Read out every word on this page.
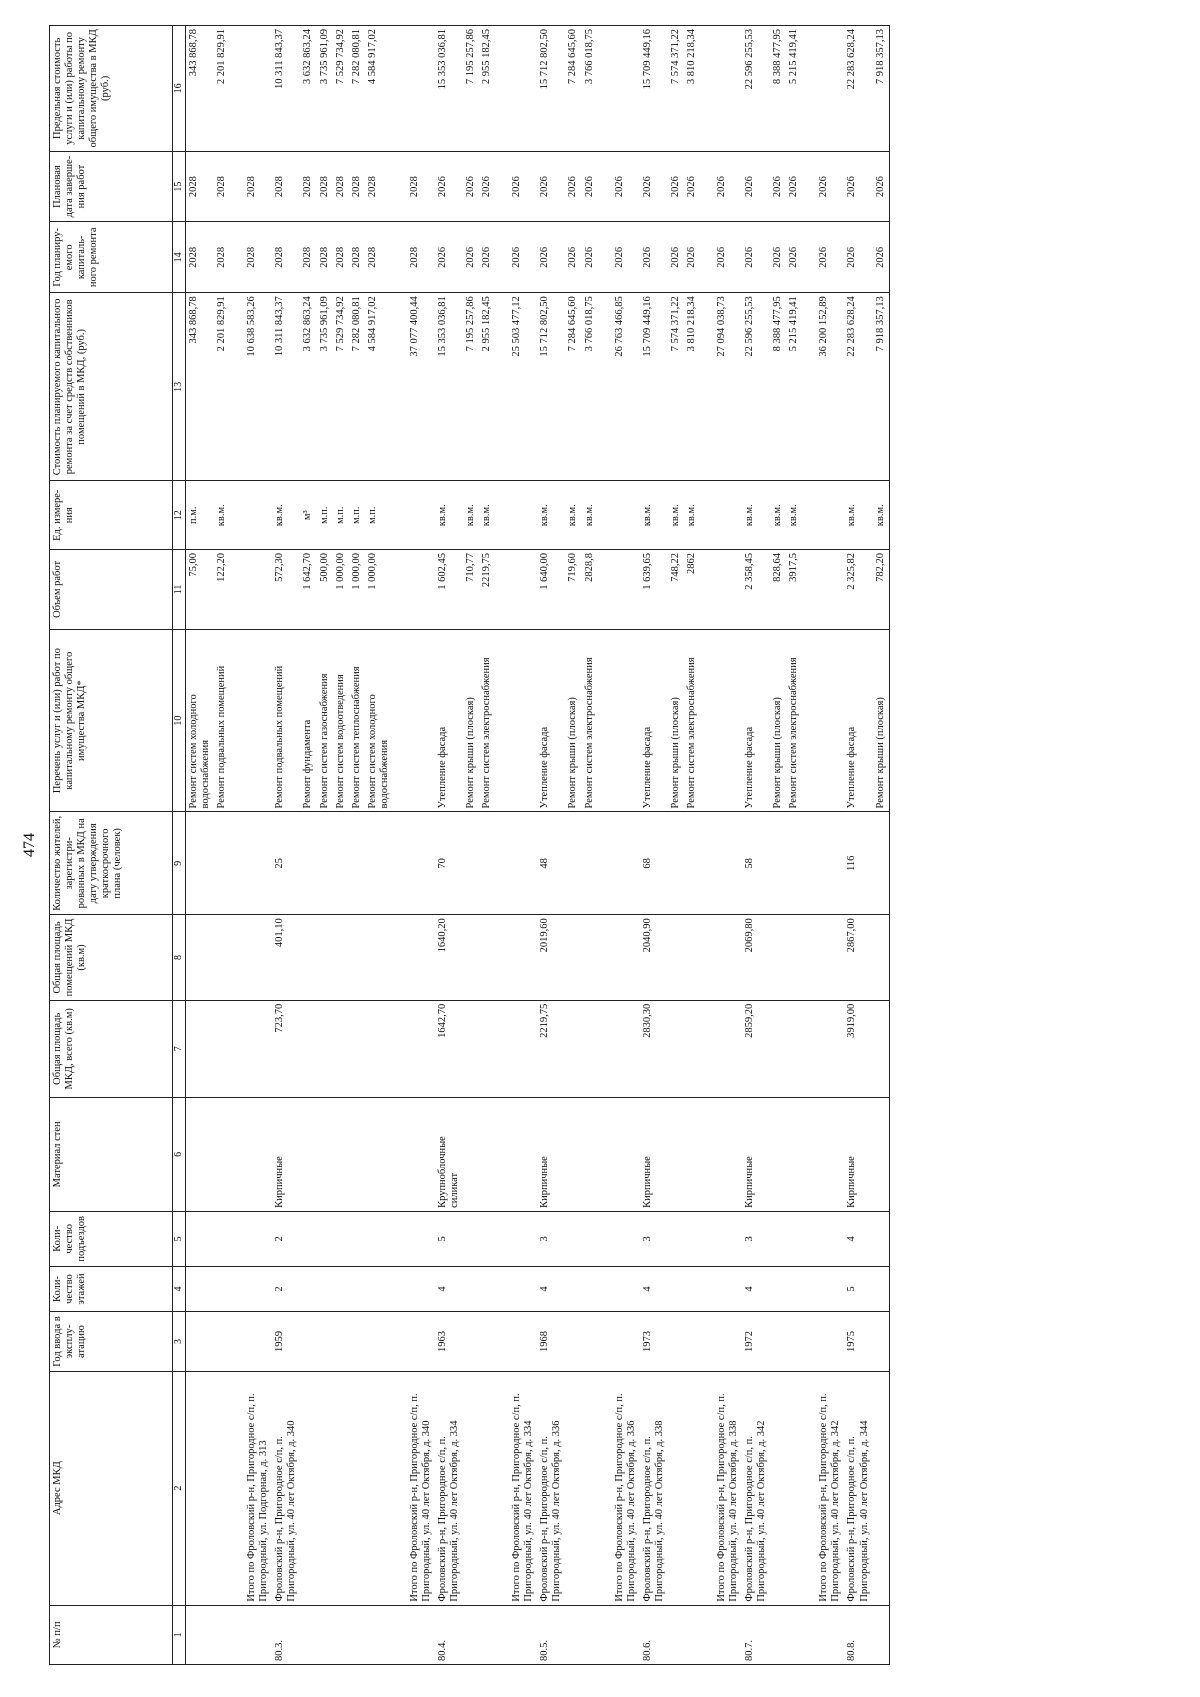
474
№ п/п	Адрес МКД	Год ввода в эксплу-атацию	Коли-чество этажей	Коли-чество подъездов	Материал стен	Общая площадь МКД, всего (кв.м)	Общая площадь помещений МКД (кв.м)	Количество жителей, зарегистри-рованных в МКД на дату утверждения краткосрочного плана (человек)	Перечень услуг и (или) работ по капитальному ремонту общего имущества МКД*	Объем работ	Ед. измере-ния	Стоимость планируемого капитального ремонта за счет средств собственников помещений в МКД, (руб.)	Год планиру-емого капиталь-ного ремонта	Плановая дата заверше-ния работ	Предельная стоимость услуги и (или) работы по капитальному ремонту общего имущества в МКД (руб.)
1	2	3	4	5	6	7	8	9	10	11	12	13	14	15	16
									Ремонт систем холодного водоснабжения	75,00	п.м.	343 868,78	2028	2028	343 868,78
									Ремонт подвальных помещений	122,20	кв.м.	2 201 829,91	2028	2028	2 201 829,91
	Итого по Фроловский р-н, Пригородное с/п, п. Пригородный, ул. Подгорная, д. 313											10 638 583,26	2028	2028	
80.3.	Фроловский р-н, Пригородное с/п, п. Пригородный, ул. 40 лет Октября, д. 340	1959	2	2	Кирпичные	723,70	401,10	25	Ремонт подвальных помещений	572,30	кв.м.	10 311 843,37	2028	2028	10 311 843,37
									Ремонт фундамента	1 642,70	м³	3 632 863,24	2028	2028	3 632 863,24
									Ремонт систем газоснабжения	500,00	м.п.	3 735 961,09	2028	2028	3 735 961,09
									Ремонт систем водоотведения	1 000,00	м.п.	7 529 734,92	2028	2028	7 529 734,92
									Ремонт систем теплоснабжения	1 000,00	м.п.	7 282 080,81	2028	2028	7 282 080,81
									Ремонт систем холодного водоснабжения	1 000,00	м.п.	4 584 917,02	2028	2028	4 584 917,02
	Итого по Фроловский р-н, Пригородное с/п, п. Пригородный, ул. 40 лет Октября, д. 340											37 077 400,44	2028	2028	
80.4.	Фроловский р-н, Пригородное с/п, п. Пригородный, ул. 40 лет Октября, д. 334	1963	4	5	Крупноблочные силикат	1642,70	1640,20	70	Утепление фасада	1 602,45	кв.м.	15 353 036,81	2026	2026	15 353 036,81
									Ремонт крыши (плоская)	710,77	кв.м.	7 195 257,86	2026	2026	7 195 257,86
									Ремонт систем электроснабжения	2219,75	кв.м.	2 955 182,45	2026	2026	2 955 182,45
	Итого по Фроловский р-н, Пригородное с/п, п. Пригородный, ул. 40 лет Октября, д. 334											25 503 477,12	2026	2026	
80.5.	Фроловский р-н, Пригородное с/п, п. Пригородный, ул. 40 лет Октября, д. 336	1968	4	3	Кирпичные	2219,75	2019,60	48	Утепление фасада	1 640,00	кв.м.	15 712 802,50	2026	2026	15 712 802,50
									Ремонт крыши (плоская)	719,60	кв.м.	7 284 645,60	2026	2026	7 284 645,60
									Ремонт систем электроснабжения	2828,8	кв.м.	3 766 018,75	2026	2026	3 766 018,75
	Итого по Фроловский р-н, Пригородное с/п, п. Пригородный, ул. 40 лет Октября, д. 336											26 763 466,85	2026	2026	
80.6.	Фроловский р-н, Пригородное с/п, п. Пригородный, ул. 40 лет Октября, д. 338	1973	4	3	Кирпичные	2830,30	2040,90	68	Утепление фасада	1 639,65	кв.м.	15 709 449,16	2026	2026	15 709 449,16
									Ремонт крыши (плоская)	748,22	кв.м.	7 574 371,22	2026	2026	7 574 371,22
									Ремонт систем электроснабжения	2862	кв.м.	3 810 218,34	2026	2026	3 810 218,34
	Итого по Фроловский р-н, Пригородное с/п, п. Пригородный, ул. 40 лет Октября, д. 338											27 094 038,73	2026	2026	
80.7.	Фроловский р-н, Пригородное с/п, п. Пригородный, ул. 40 лет Октября, д. 342	1972	4	3	Кирпичные	2859,20	2069,80	58	Утепление фасада	2 358,45	кв.м.	22 596 255,53	2026	2026	22 596 255,53
									Ремонт крыши (плоская)	828,64	кв.м.	8 388 477,95	2026	2026	8 388 477,95
									Ремонт систем электроснабжения	3917,5	кв.м.	5 215 419,41	2026	2026	5 215 419,41
	Итого по Фроловский р-н, Пригородное с/п, п. Пригородный, ул. 40 лет Октября, д. 342											36 200 152,89	2026	2026	
80.8.	Фроловский р-н, Пригородное с/п, п. Пригородный, ул. 40 лет Октября, д. 344	1975	5	4	Кирпичные	3919,00	2867,00	116	Утепление фасада	2 325,82	кв.м.	22 283 628,24	2026	2026	22 283 628,24
									Ремонт крыши (плоская)	782,20	кв.м.	7 918 357,13	2026	2026	7 918 357,13
